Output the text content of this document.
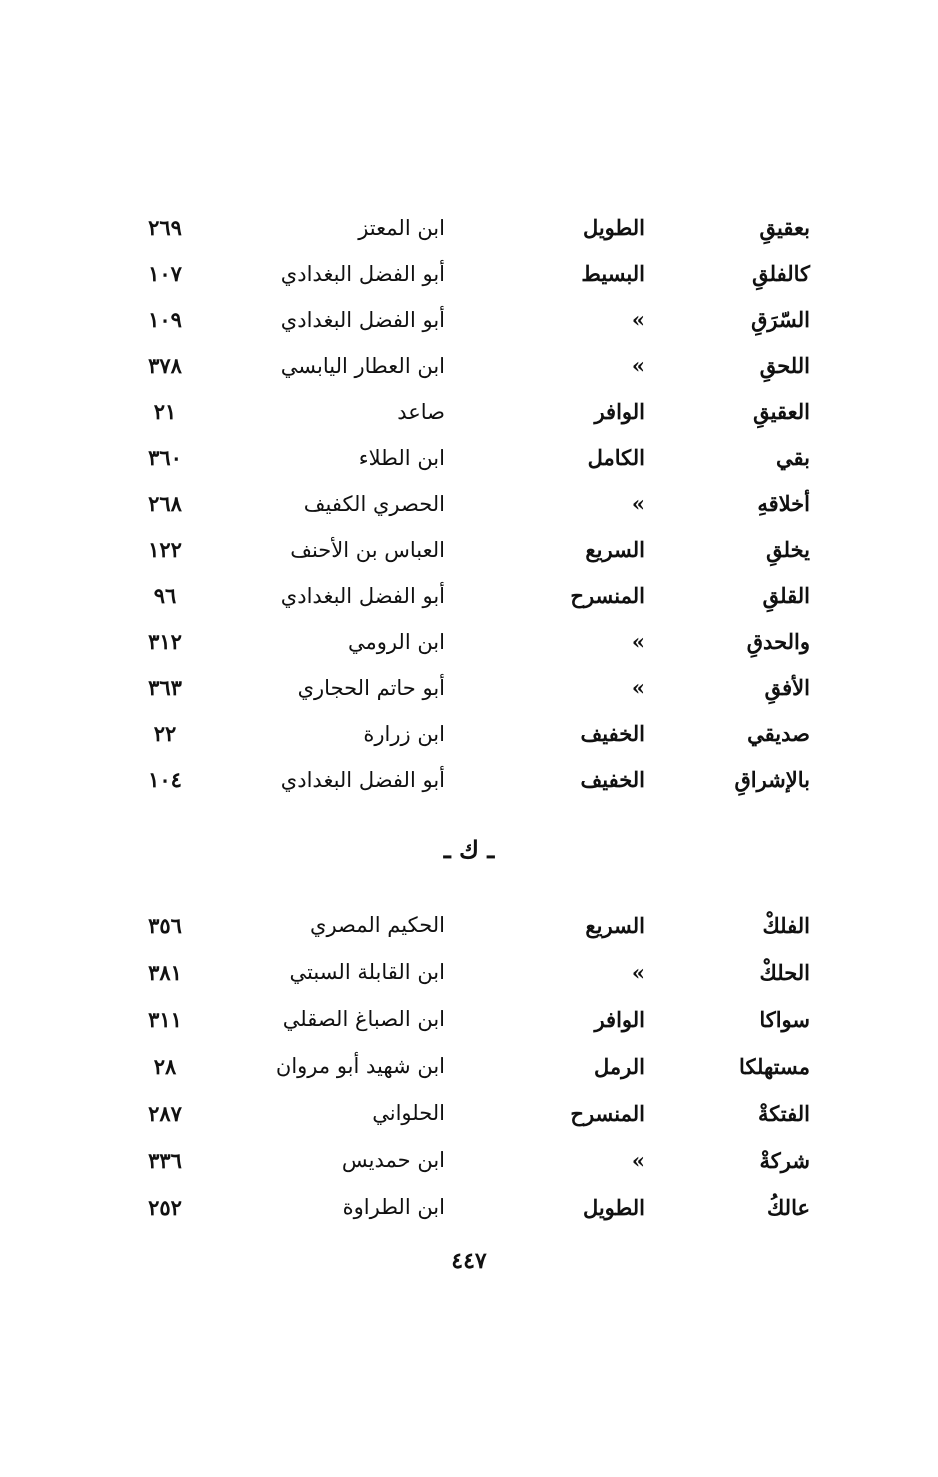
بعقيقِ
الطويل
ابن المعتز
٢٦٩
كالفلقِ
البسيط
أبو الفضل البغدادي
١٠٧
السّرَقِ
»
أبو الفضل البغدادي
١٠٩
اللحقِ
»
ابن العطار اليابسي
٣٧٨
العقيقِ
الوافر
صاعد
٢١
بقي
الكامل
ابن الطلاء
٣٦٠
أخلاقهِ
»
الحصري الكفيف
٢٦٨
يخلقِ
السريع
العباس بن الأحنف
١٢٢
القلقِ
المنسرح
أبو الفضل البغدادي
٩٦
والحدقِ
»
ابن الرومي
٣١٢
الأفقِ
»
أبو حاتم الحجاري
٣٦٣
صديقي
الخفيف
ابن زرارة
٢٢
بالإشراقِ
الخفيف
أبو الفضل البغدادي
١٠٤
ـ ك ـ
الفلكْ
السريع
الحكيم المصري
٣٥٦
الحلكْ
»
ابن القابلة السبتي
٣٨١
سواكا
الوافر
ابن الصباغ الصقلي
٣١١
مستهلكا
الرمل
ابن شهيد أبو مروان
٢٨
الفتكةْ
المنسرح
الحلواني
٢٨٧
شركةْ
»
ابن حمديس
٣٣٦
عالكُ
الطويل
ابن الطراوة
٢٥٢
٤٤٧
